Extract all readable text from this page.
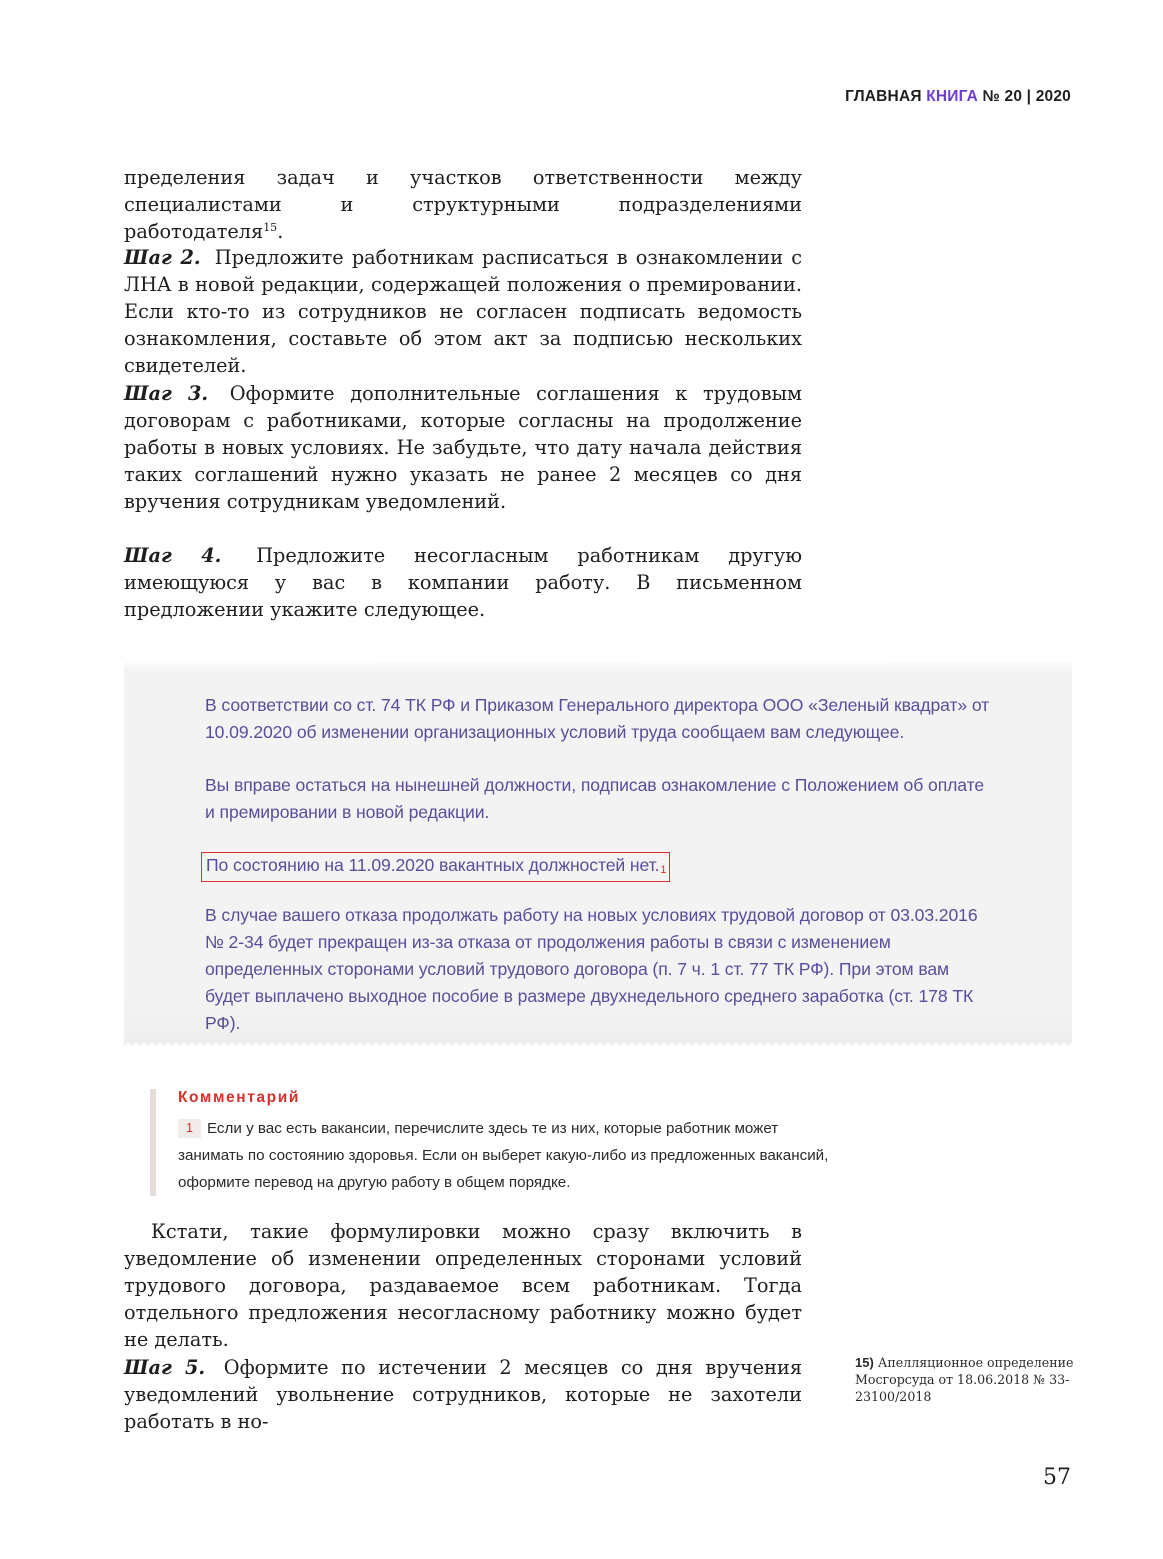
ГЛАВНАЯ КНИГА № 20 | 2020

пределения задач и участков ответственности между специалистами и структурными подразделениями работодателя$^{15}$.

Шаг 2. Предложите работникам расписаться в ознакомлении с ЛНА в новой редакции, содержащей положения о премировании. Если кто-то из сотрудников не согласен подписать ведомость ознакомления, составьте об этом акт за подписью нескольких свидетелей.

Шаг 3. Оформите дополнительные соглашения к трудовым договорам с работниками, которые согласны на продолжение работы в новых условиях. Не забудьте, что дату начала действия таких соглашений нужно указать не ранее 2 месяцев со дня вручения сотрудникам уведомлений.

Шаг 4. Предложите несогласным работникам другую имеющуюся у вас в компании работу. В письменном предложении укажите следующее.

В соответствии со ст. 74 ТК РФ и Приказом Генерального директора ООО «Зеленый квадрат» от 10.09.2020 об изменении организационных условий труда сообщаем вам следующее.

Вы вправе остаться на нынешней должности, подписав ознакомление с Положением об оплате и премировании в новой редакции.

По состоянию на 11.09.2020 вакантных должностей нет.$^1$

В случае вашего отказа продолжать работу на новых условиях трудовой договор от 03.03.2016 № 2-34 будет прекращен из-за отказа от продолжения работы в связи с изменением определенных сторонами условий трудового договора (п. 7 ч. 1 ст. 77 ТК РФ). При этом вам будет выплачено выходное пособие в размере двухнедельного среднего заработка (ст. 178 ТК РФ).

Комментарий

1 Если у вас есть вакансии, перечислите здесь те из них, которые работник может занимать по состоянию здоровья. Если он выберет какую-либо из предложенных вакансий, оформите перевод на другую работу в общем порядке.

Кстати, такие формулировки можно сразу включить в уведомление об изменении определенных сторонами условий трудового договора, раздаваемое всем работникам. Тогда отдельного предложения несогласному работнику можно будет не делать.

Шаг 5. Оформите по истечении 2 месяцев со дня вручения уведомлений увольнение сотрудников, которые не захотели работать в но-

15) Апелляционное определение Мосгорсуда от 18.06.2018 № 33-23100/2018
57
